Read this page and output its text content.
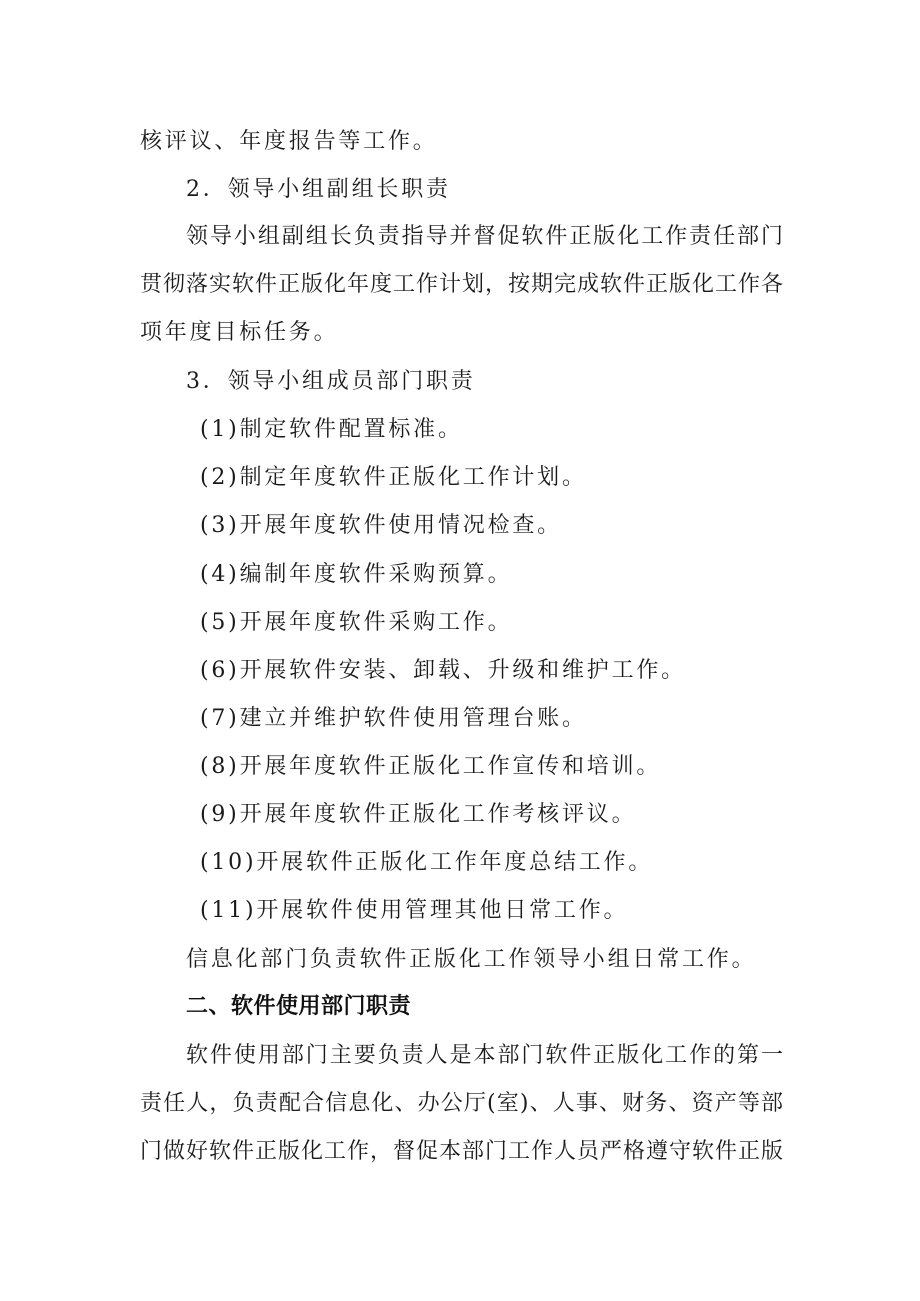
核评议、年度报告等工作。
2．领导小组副组长职责
领导小组副组长负责指导并督促软件正版化工作责任部门
贯彻落实软件正版化年度工作计划，按期完成软件正版化工作各
项年度目标任务。
3．领导小组成员部门职责
(1)制定软件配置标准。
(2)制定年度软件正版化工作计划。
(3)开展年度软件使用情况检查。
(4)编制年度软件采购预算。
(5)开展年度软件采购工作。
(6)开展软件安装、卸载、升级和维护工作。
(7)建立并维护软件使用管理台账。
(8)开展年度软件正版化工作宣传和培训。
(9)开展年度软件正版化工作考核评议。
(10)开展软件正版化工作年度总结工作。
(11)开展软件使用管理其他日常工作。
信息化部门负责软件正版化工作领导小组日常工作。
二、软件使用部门职责
软件使用部门主要负责人是本部门软件正版化工作的第一
责任人，负责配合信息化、办公厅(室)、人事、财务、资产等部
门做好软件正版化工作，督促本部门工作人员严格遵守软件正版
